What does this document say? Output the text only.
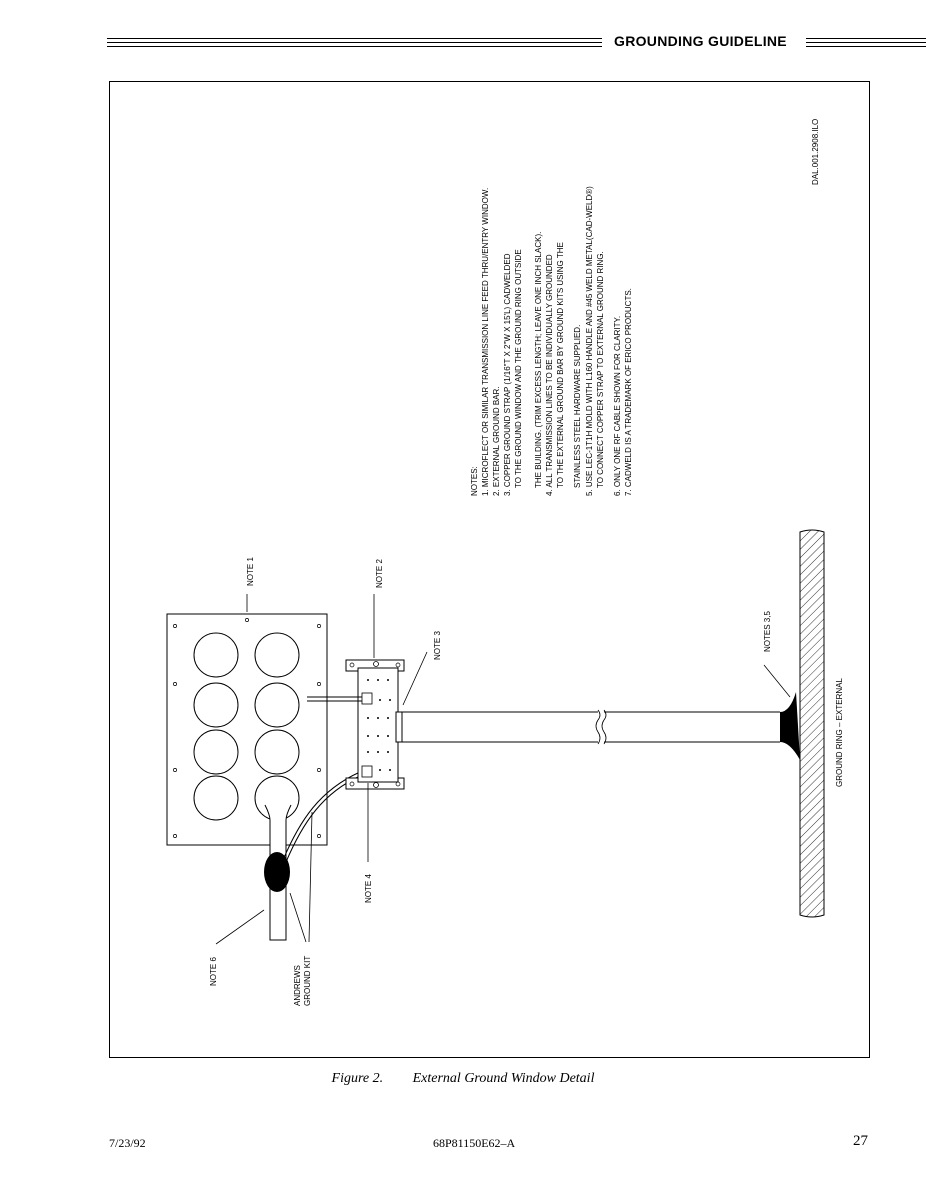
GROUNDING GUIDELINE
DAL.001.2908.ILO
NOTES: 1. MICROFLECT OR SIMILAR TRANSMISSION LINE FEED THRU/ENTRY WINDOW. 2. EXTERNAL GROUND BAR. 3. COPPER GROUND STRAP (1/16"T X 2"W X 15'L) CADWELDED TO THE GROUND WINDOW AND THE GROUND RING OUTSIDE THE BUILDING. (TRIM EXCESS LENGTH; LEAVE ONE INCH SLACK). 4. ALL TRANSMISSION LINES TO BE INDIVIDUALLY GROUNDED TO THE EXTERNAL GROUND BAR BY GROUND KITS USING THE STAINLESS STEEL HARDWARE SUPPLIED. 5. USE LEC-1T1H MOLD WITH L160 HANDLE AND #45 WELD METAL(CAD-WELD®) TO CONNECT COPPER STRAP TO EXTERNAL GROUND RING. 6. ONLY ONE RF CABLE SHOWN FOR CLARITY. 7. CADWELD IS A TRADEMARK OF ERICO PRODUCTS.
NOTE 1	NOTE 2
NOTE 3
NOTE 4
NOTE 6
NOTES 3,5
ANDREWS GROUND KIT
GROUND RING – EXTERNAL
Figure 2. External Ground Window Detail
7/23/92	68P81150E62–A	27
